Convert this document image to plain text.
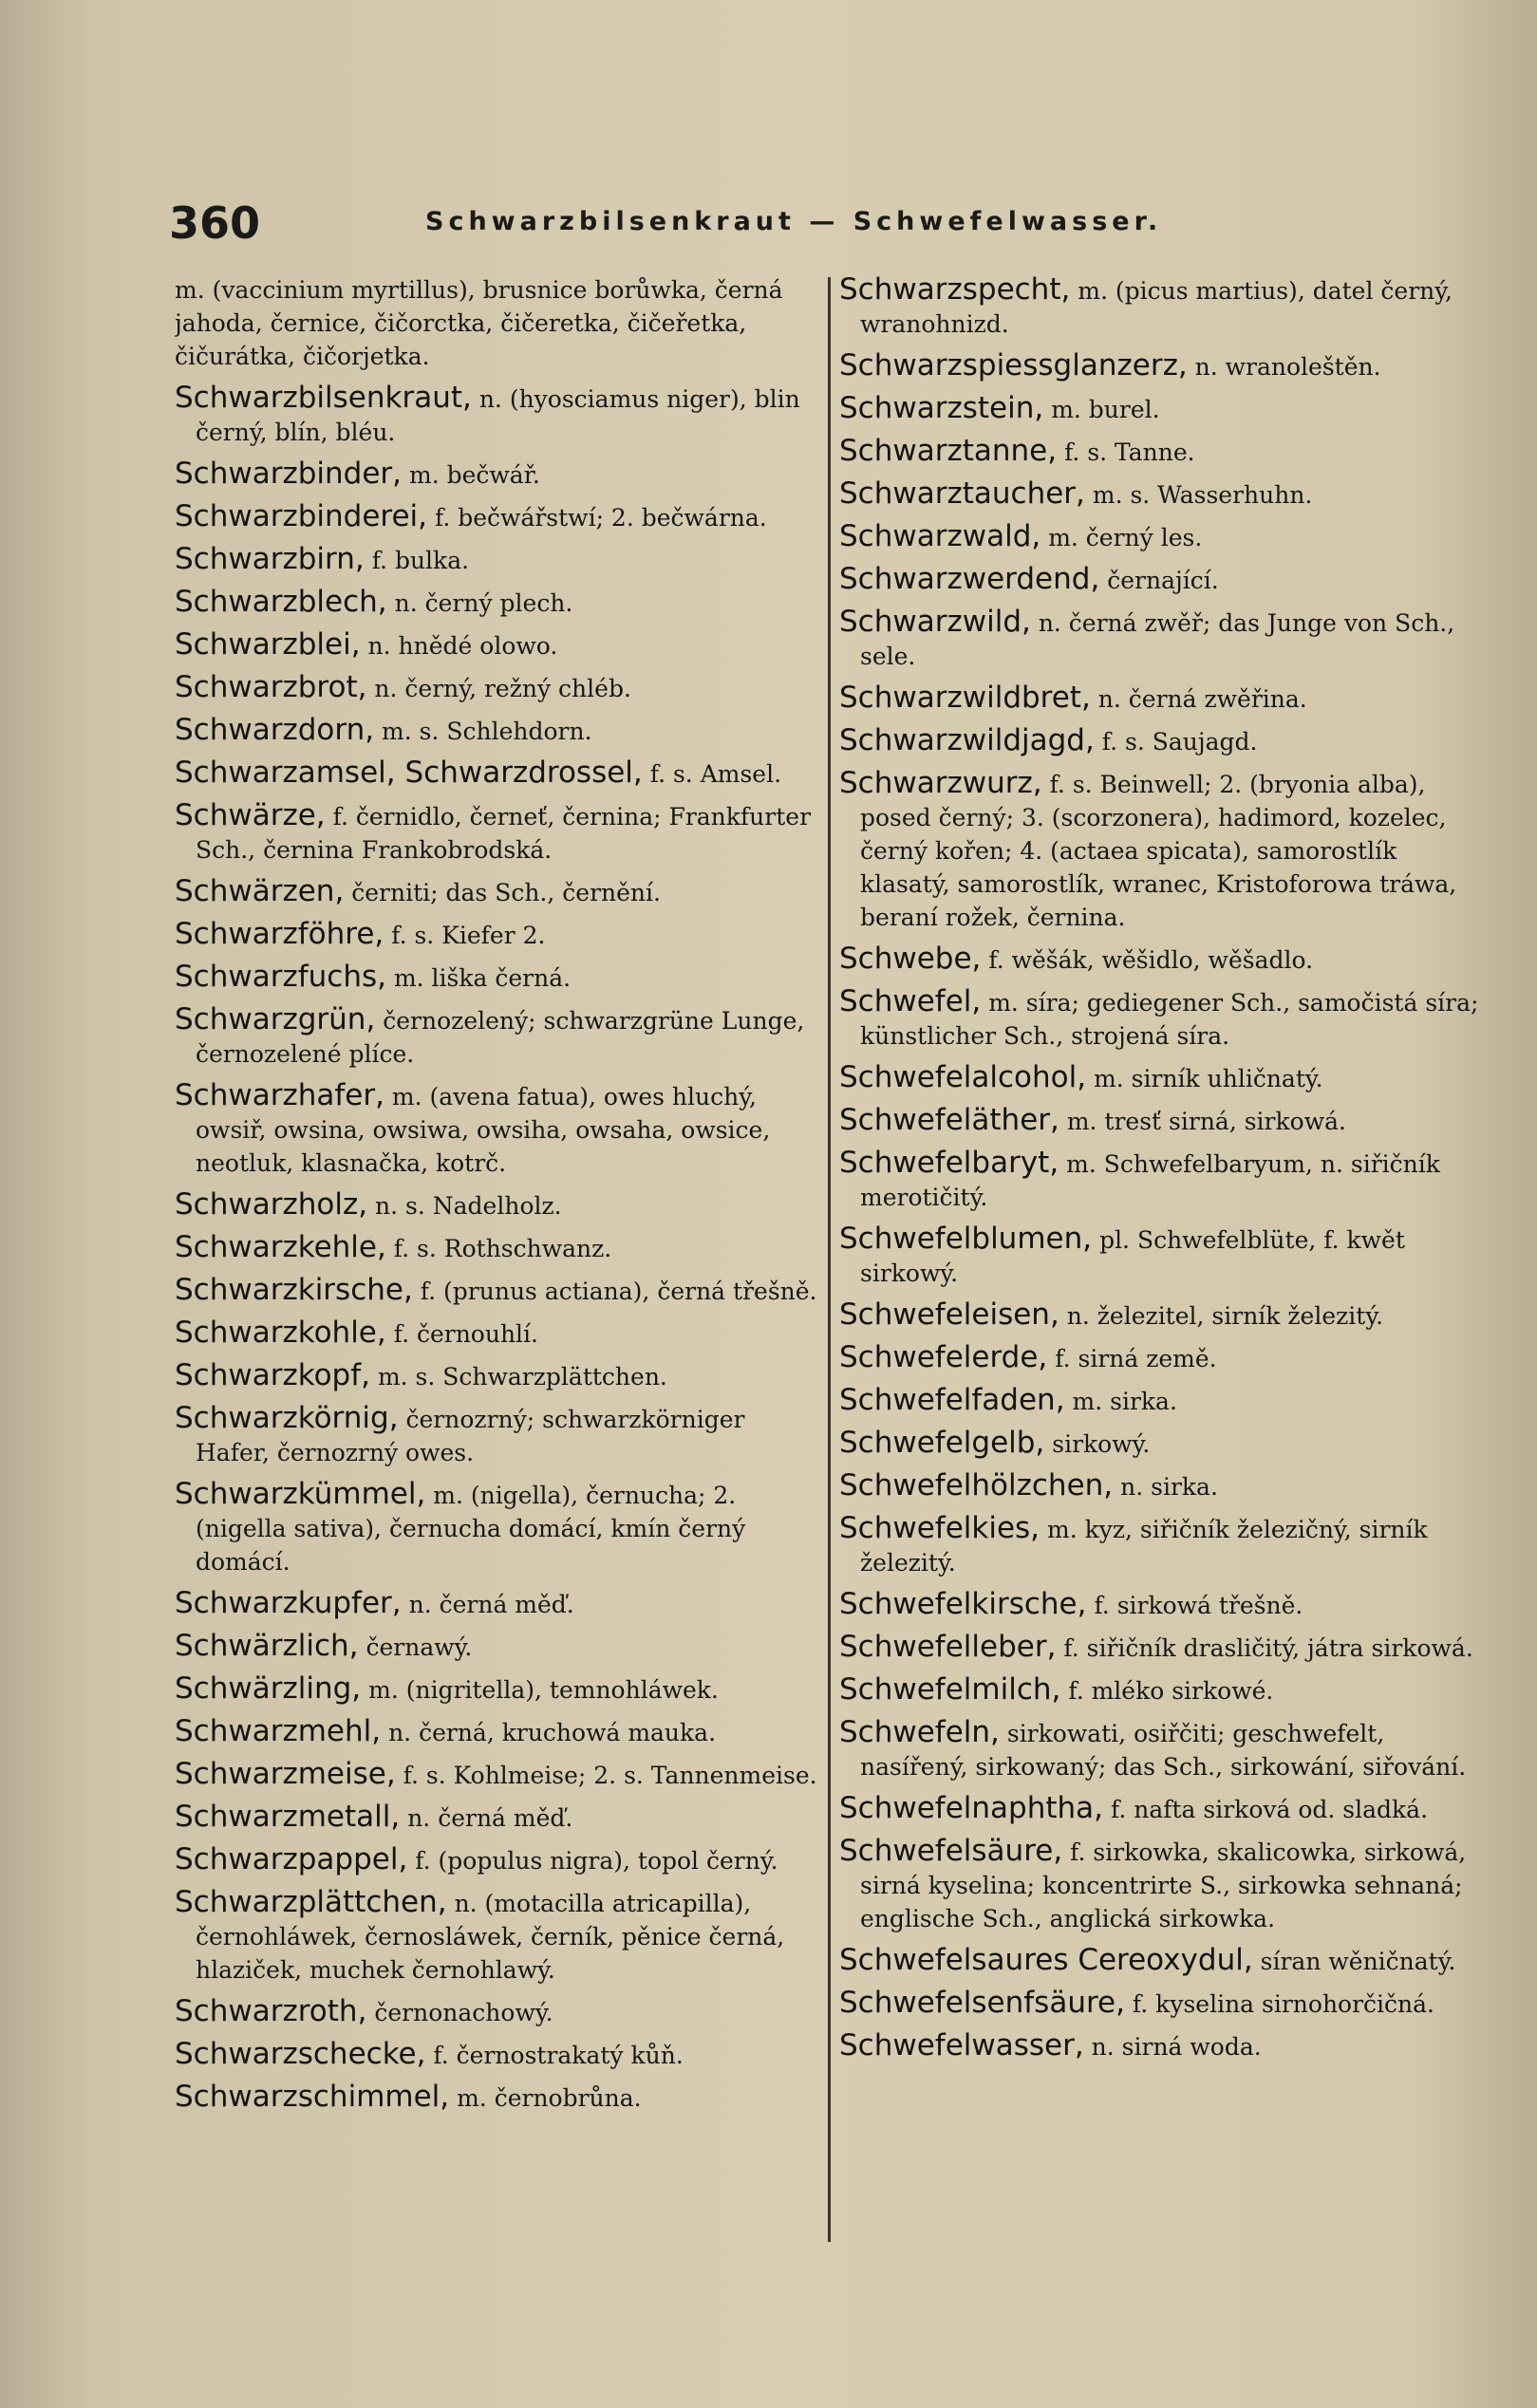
360	Schwarzbilsenkraut — Schwefelwasser.

m. (vaccinium myrtillus), brusnice borůwka, černá jahoda, černice, čičorctka, čičeretka, čičeřetka, čičurátka, čičorjetka.

Schwarzbilsenkraut, n. (hyosciamus niger), blin černý, blín, bléu.

Schwarzbinder, m. bečwář.

Schwarzbinderei, f. bečwářstwí; 2. bečwárna.

Schwarzbirn, f. bulka.

Schwarzblech, n. černý plech.

Schwarzblei, n. hnědé olowo.

Schwarzbrot, n. černý, režný chléb.

Schwarzdorn, m. s. Schlehdorn.

Schwarzamsel, Schwarzdrossel, f. s. Amsel.

Schwärze, f. černidlo, černeť, černina; Frankfurter Sch., černina Frankobrodská.

Schwärzen, černiti; das Sch., černění.

Schwarzföhre, f. s. Kiefer 2.

Schwarzfuchs, m. liška černá.

Schwarzgrün, černozelený; schwarzgrüne Lunge, černozelené plíce.

Schwarzhafer, m. (avena fatua), owes hluchý, owsiř, owsina, owsiwa, owsiha, owsaha, owsice, neotluk, klasnačka, kotrč.

Schwarzholz, n. s. Nadelholz.

Schwarzkehle, f. s. Rothschwanz.

Schwarzkirsche, f. (prunus actiana), černá třešně.

Schwarzkohle, f. černouhlí.

Schwarzkopf, m. s. Schwarzplättchen.

Schwarzkörnig, černozrný; schwarzkörniger Hafer, černozrný owes.

Schwarzkümmel, m. (nigella), černucha; 2. (nigella sativa), černucha domácí, kmín černý domácí.

Schwarzkupfer, n. černá měď.

Schwärzlich, černawý.

Schwärzling, m. (nigritella), temnohláwek.

Schwarzmehl, n. černá, kruchowá mauka.

Schwarzmeise, f. s. Kohlmeise; 2. s. Tannenmeise.

Schwarzmetall, n. černá měď.

Schwarzpappel, f. (populus nigra), topol černý.

Schwarzplättchen, n. (motacilla atricapilla), černohláwek, černosláwek, černík, pěnice černá, hlaziček, muchek černohlawý.

Schwarzroth, černonachowý.

Schwarzschecke, f. černostrakatý kůň.

Schwarzschimmel, m. černobrůna.

Schwarzspecht, m. (picus martius), datel černý, wranohnizd.

Schwarzspiessglanzerz, n. wranoleštěn.

Schwarzstein, m. burel.

Schwarztanne, f. s. Tanne.

Schwarztaucher, m. s. Wasserhuhn.

Schwarzwald, m. černý les.

Schwarzwerdend, černající.

Schwarzwild, n. černá zwěř; das Junge von Sch., sele.

Schwarzwildbret, n. černá zwěřina.

Schwarzwildjagd, f. s. Saujagd.

Schwarzwurz, f. s. Beinwell; 2. (bryonia alba), posed černý; 3. (scorzonera), hadimord, kozelec, černý kořen; 4. (actaea spicata), samorostlík klasatý, samorostlík, wranec, Kristoforowa tráwa, beraní rožek, černina.

Schwebe, f. wěšák, wěšidlo, wěšadlo.

Schwefel, m. síra; gediegener Sch., samočistá síra; künstlicher Sch., strojená síra.

Schwefelalcohol, m. sirník uhličnatý.

Schwefeläther, m. tresť sirná, sirkowá.

Schwefelbaryt, m. Schwefelbaryum, n. siřičník merotičitý.

Schwefelblumen, pl. Schwefelblüte, f. kwět sirkowý.

Schwefeleisen, n. železitel, sirník železitý.

Schwefelerde, f. sirná země.

Schwefelfaden, m. sirka.

Schwefelgelb, sirkowý.

Schwefelhölzchen, n. sirka.

Schwefelkies, m. kyz, siřičník železičný, sirník železitý.

Schwefelkirsche, f. sirkowá třešně.

Schwefelleber, f. siřičník drasličitý, játra sirkowá.

Schwefelmilch, f. mléko sirkowé.

Schwefeln, sirkowati, osiřčiti; geschwefelt, nasířený, sirkowaný; das Sch., sirkowání, siřování.

Schwefelnaphtha, f. nafta sirková od. sladká.

Schwefelsäure, f. sirkowka, skalicowka, sirkowá, sirná kyselina; koncentrirte S., sirkowka sehnaná; englische Sch., anglická sirkowka.

Schwefelsaures Cereoxydul, síran wěničnatý.

Schwefelsenfsäure, f. kyselina sirnohorčičná.

Schwefelwasser, n. sirná woda.
